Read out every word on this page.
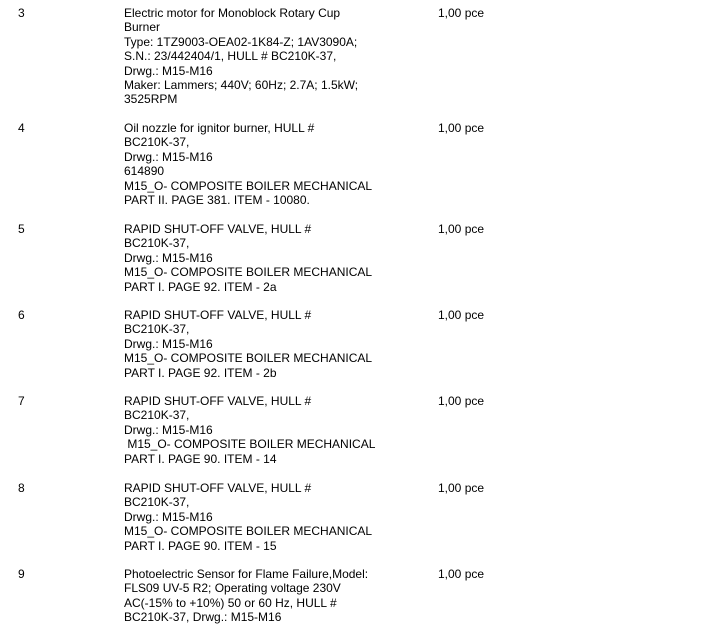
3	Electric motor for Monoblock Rotary Cup
Burner
Type: 1TZ9003-OEA02-1K84-Z; 1AV3090A;
S.N.: 23/442404/1, HULL # BC210K-37,
Drwg.: M15-M16
Maker: Lammers; 440V; 60Hz; 2.7A; 1.5kW;
3525RPM
1,00 pce
4	Oil nozzle for ignitor burner, HULL #
BC210K-37,
Drwg.: M15-M16
614890
M15_O- COMPOSITE BOILER MECHANICAL
PART II. PAGE 381. ITEM - 10080.
1,00 pce
5	RAPID SHUT-OFF VALVE, HULL #
BC210K-37,
Drwg.: M15-M16
M15_O- COMPOSITE BOILER MECHANICAL
PART I. PAGE 92. ITEM - 2a
1,00 pce
6	RAPID SHUT-OFF VALVE, HULL #
BC210K-37,
Drwg.: M15-M16
M15_O- COMPOSITE BOILER MECHANICAL
PART I. PAGE 92. ITEM - 2b
1,00 pce
7	RAPID SHUT-OFF VALVE, HULL #
BC210K-37,
Drwg.: M15-M16
M15_O- COMPOSITE BOILER MECHANICAL
PART I. PAGE 90. ITEM - 14
1,00 pce
8	RAPID SHUT-OFF VALVE, HULL #
BC210K-37,
Drwg.: M15-M16
M15_O- COMPOSITE BOILER MECHANICAL
PART I. PAGE 90. ITEM - 15
1,00 pce
9	Photoelectric Sensor for Flame Failure,Model:
FLS09 UV-5 R2; Operating voltage 230V
AC(-15% to +10%) 50 or 60 Hz, HULL #
BC210K-37, Drwg.: M15-M16
1,00 pce
